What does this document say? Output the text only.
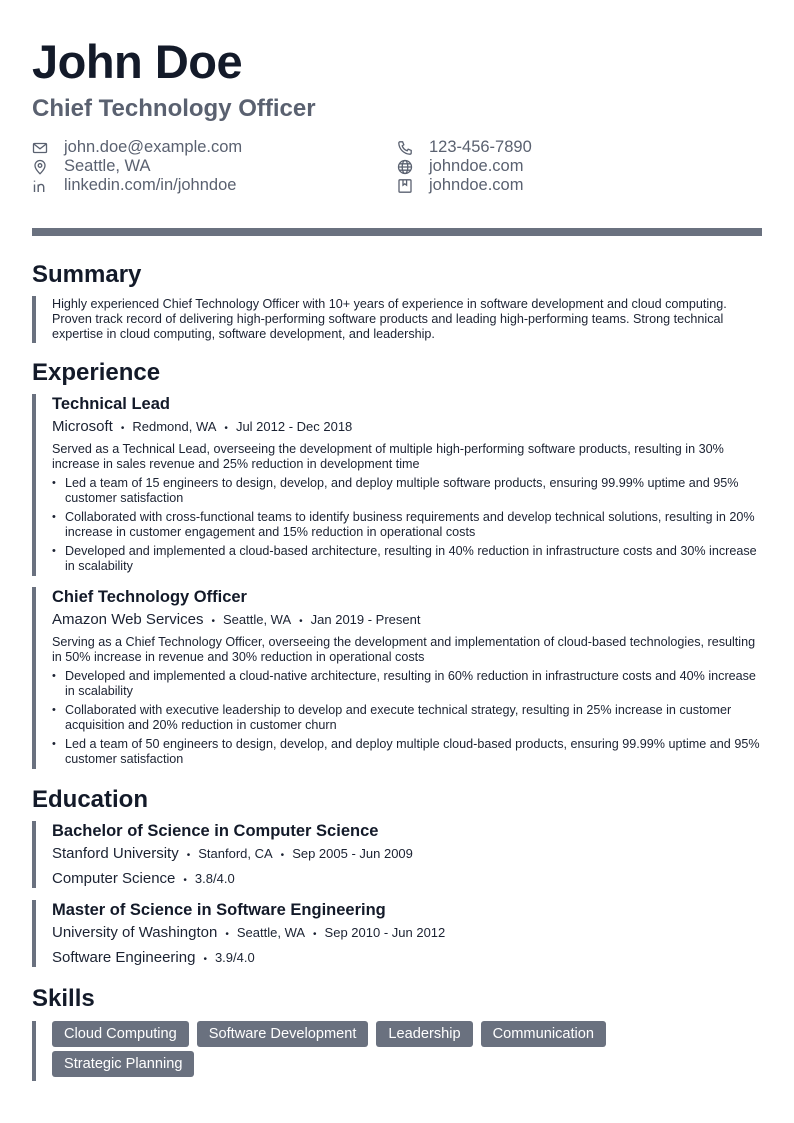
John Doe
Chief Technology Officer
john.doe@example.com	123-456-7890
Seattle, WA	johndoe.com
linkedin.com/in/johndoe	johndoe.com
Summary

Highly experienced Chief Technology Officer with 10+ years of experience in software development and cloud computing. Proven track record of delivering high-performing software products and leading high-performing teams. Strong technical expertise in cloud computing, software development, and leadership.

Experience

Technical Lead

Microsoft • Redmond, WA • Jul 2012 - Dec 2018

Served as a Technical Lead, overseeing the development of multiple high-performing software products, resulting in 30% increase in sales revenue and 25% reduction in development time

• Led a team of 15 engineers to design, develop, and deploy multiple software products, ensuring 99.99% uptime and 95% customer satisfaction
• Collaborated with cross-functional teams to identify business requirements and develop technical solutions, resulting in 20% increase in customer engagement and 15% reduction in operational costs
• Developed and implemented a cloud-based architecture, resulting in 40% reduction in infrastructure costs and 30% increase in scalability

Chief Technology Officer

Amazon Web Services • Seattle, WA • Jan 2019 - Present

Serving as a Chief Technology Officer, overseeing the development and implementation of cloud-based technologies, resulting in 50% increase in revenue and 30% reduction in operational costs

• Developed and implemented a cloud-native architecture, resulting in 60% reduction in infrastructure costs and 40% increase in scalability
• Collaborated with executive leadership to develop and execute technical strategy, resulting in 25% increase in customer acquisition and 20% reduction in customer churn
• Led a team of 50 engineers to design, develop, and deploy multiple cloud-based products, ensuring 99.99% uptime and 95% customer satisfaction
Education

Bachelor of Science in Computer Science

Stanford University • Stanford, CA • Sep 2005 - Jun 2009
Computer Science • 3.8/4.0

Master of Science in Software Engineering

University of Washington • Seattle, WA • Sep 2010 - Jun 2012
Software Engineering • 3.9/4.0
Skills
Cloud Computing	Software Development	Leadership	Communication
Strategic Planning
